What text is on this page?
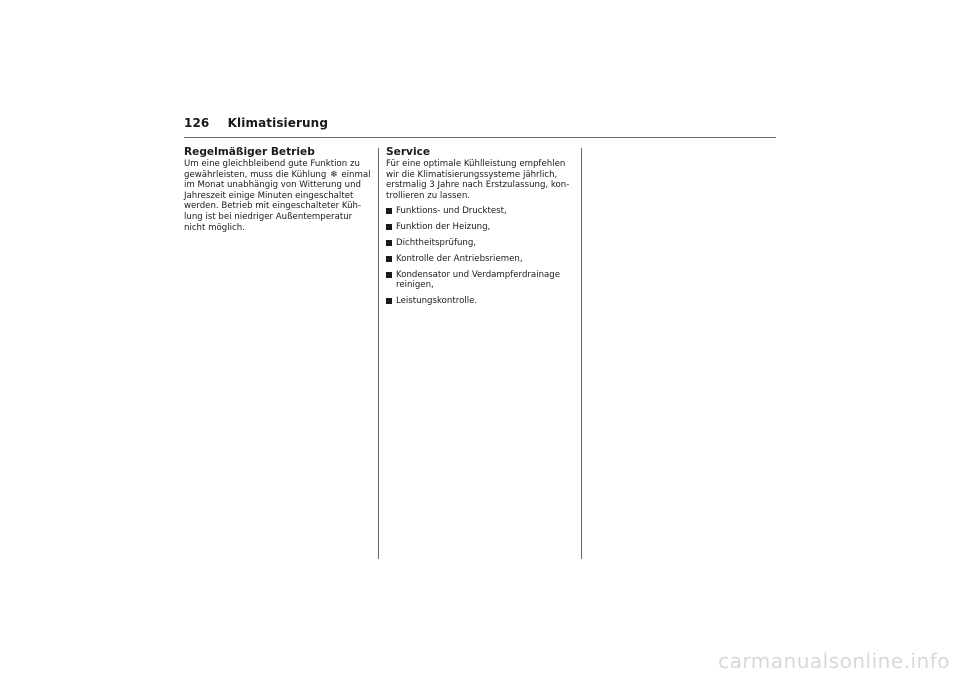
126 Klimatisierung
Regelmäßiger Betrieb

Um eine gleichbleibend gute Funktion zu
gewährleisten, muss die Kühlung ❄ einmal
im Monat unabhängig von Witterung und
Jahreszeit einige Minuten eingeschaltet
werden. Betrieb mit eingeschalteter Küh-
lung ist bei niedriger Außentemperatur
nicht möglich.

Service

Für eine optimale Kühlleistung empfehlen
wir die Klimatisierungssysteme jährlich,
erstmalig 3 Jahre nach Erstzulassung, kon-
trollieren zu lassen.

Funktions- und Drucktest,
Funktion der Heizung,
Dichtheitsprüfung,
Kontrolle der Antriebsriemen,
Kondensator und Verdampferdrainage
reinigen,
Leistungskontrolle.
carmanualsonline.info
